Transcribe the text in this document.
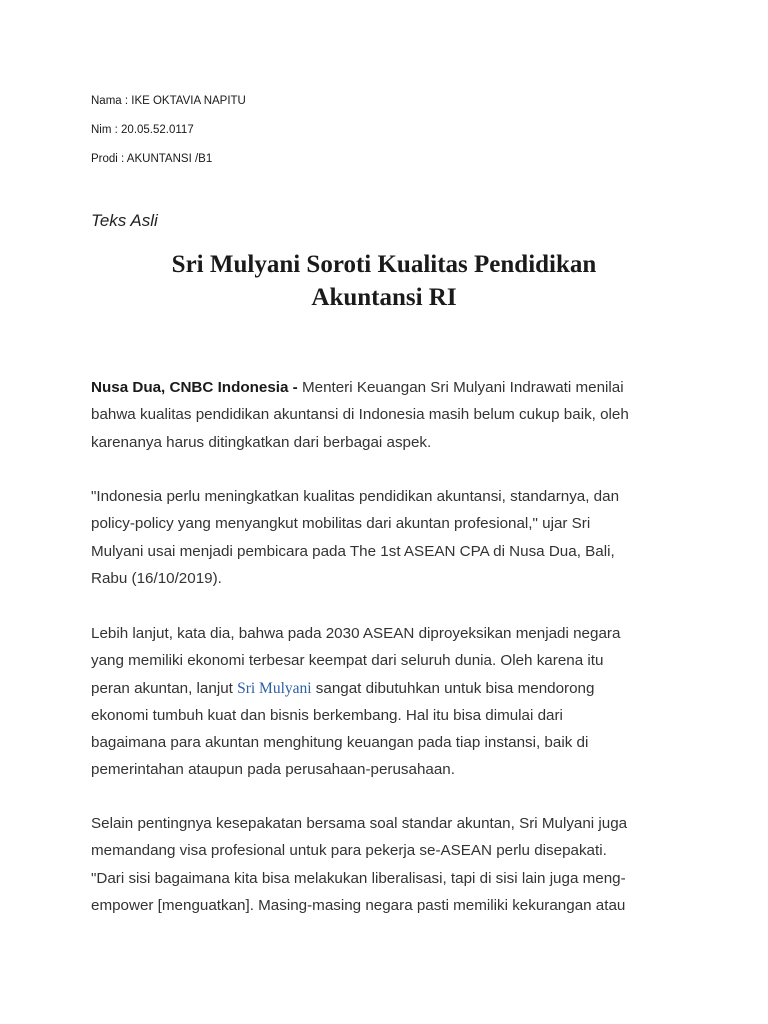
Nama : IKE OKTAVIA NAPITU
Nim : 20.05.52.0117
Prodi : AKUNTANSI /B1
Teks Asli
Sri Mulyani Soroti Kualitas Pendidikan
Akuntansi RI
Nusa Dua, CNBC Indonesia - Menteri Keuangan Sri Mulyani Indrawati menilai
bahwa kualitas pendidikan akuntansi di Indonesia masih belum cukup baik, oleh
karenanya harus ditingkatkan dari berbagai aspek.
"Indonesia perlu meningkatkan kualitas pendidikan akuntansi, standarnya, dan
policy-policy yang menyangkut mobilitas dari akuntan profesional," ujar Sri
Mulyani usai menjadi pembicara pada The 1st ASEAN CPA di Nusa Dua, Bali,
Rabu (16/10/2019).
Lebih lanjut, kata dia, bahwa pada 2030 ASEAN diproyeksikan menjadi negara
yang memiliki ekonomi terbesar keempat dari seluruh dunia. Oleh karena itu
peran akuntan, lanjut Sri Mulyani sangat dibutuhkan untuk bisa mendorong
ekonomi tumbuh kuat dan bisnis berkembang. Hal itu bisa dimulai dari
bagaimana para akuntan menghitung keuangan pada tiap instansi, baik di
pemerintahan ataupun pada perusahaan-perusahaan.
Selain pentingnya kesepakatan bersama soal standar akuntan, Sri Mulyani juga
memandang visa profesional untuk para pekerja se-ASEAN perlu disepakati.
"Dari sisi bagaimana kita bisa melakukan liberalisasi, tapi di sisi lain juga meng-
empower [menguatkan]. Masing-masing negara pasti memiliki kekurangan atau
